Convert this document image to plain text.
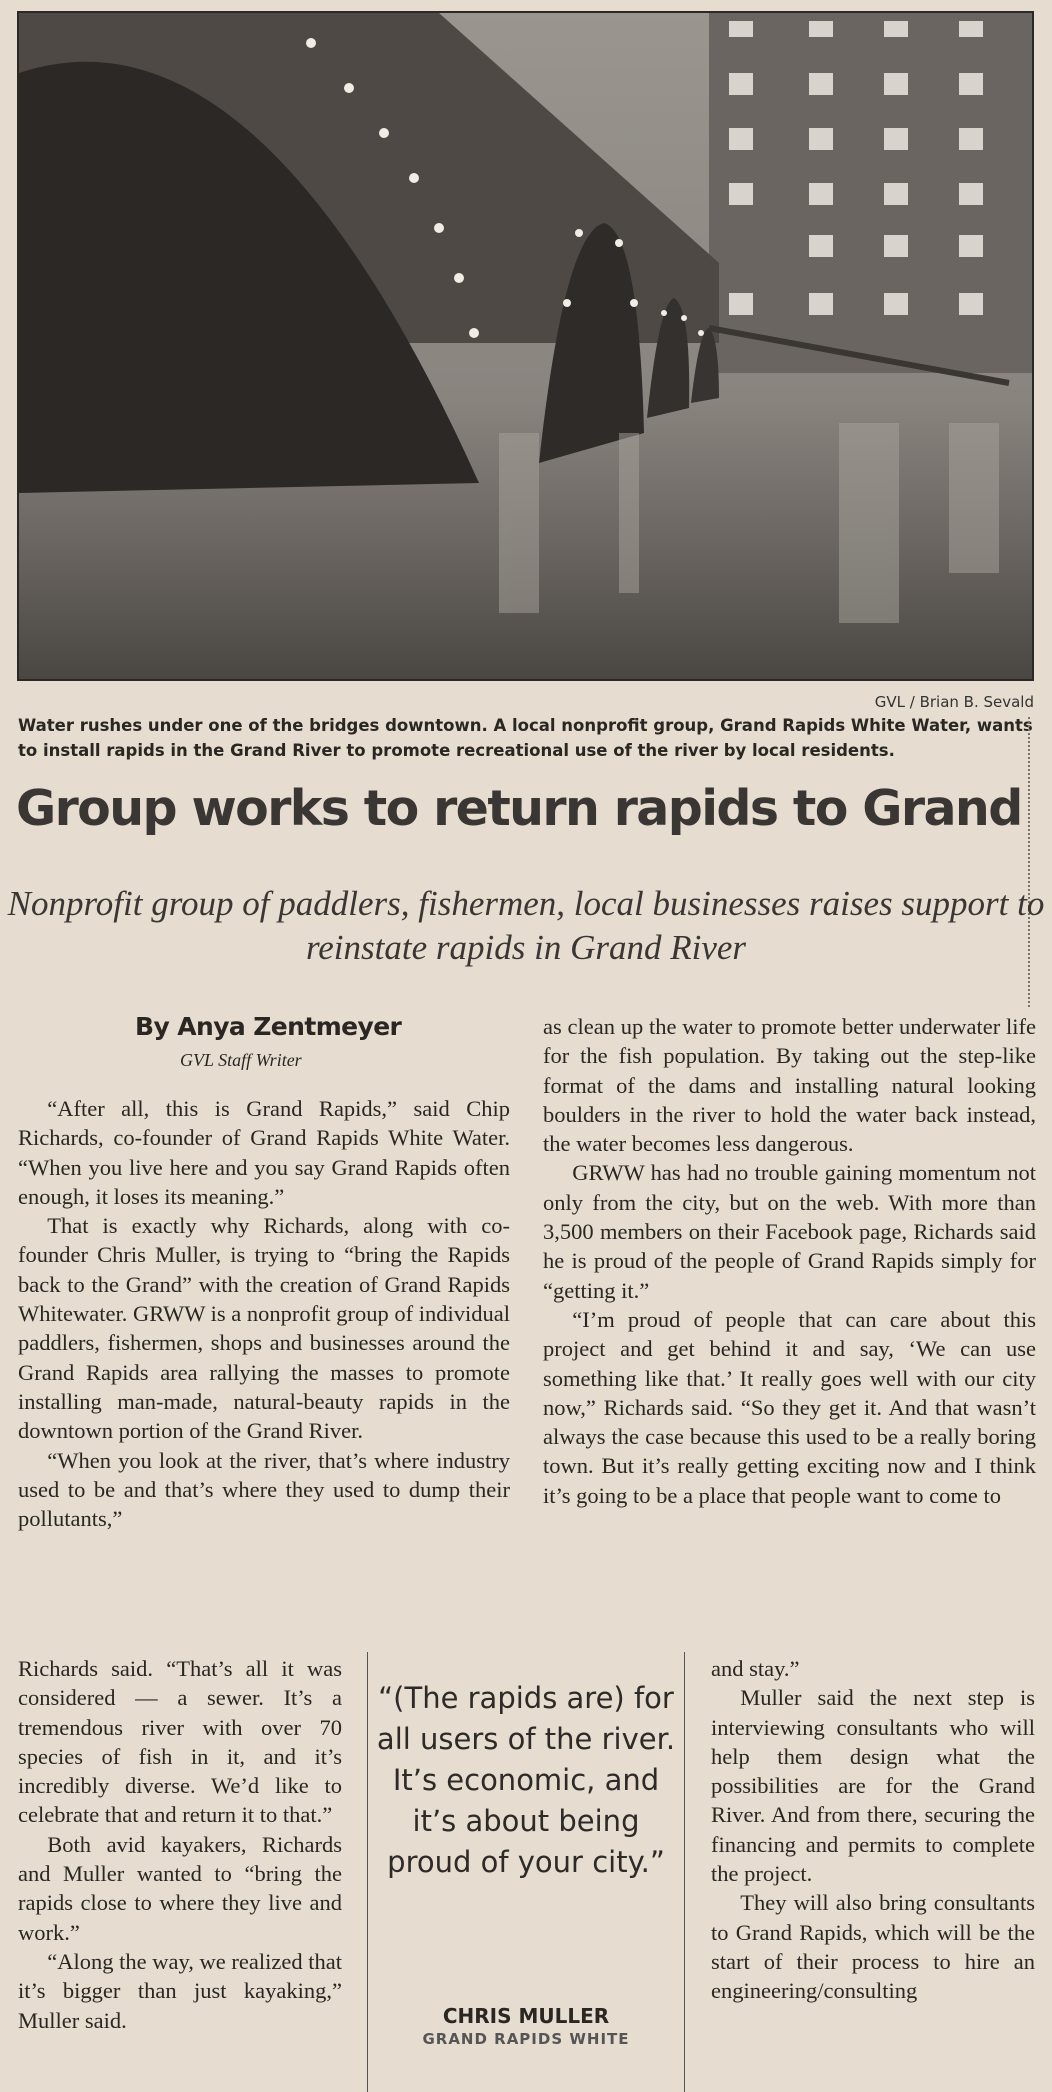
GVL / Brian B. Sevald
Water rushes under one of the bridges downtown. A local nonprofit group, Grand Rapids White Water, wants to install rapids in the Grand River to promote recreational use of the river by local residents.
Group works to return rapids to Grand
Nonprofit group of paddlers, fishermen, local businesses raises support to reinstate rapids in Grand River
By Anya Zentmeyer
GVL Staff Writer

“After all, this is Grand Rapids,” said Chip Richards, co-founder of Grand Rapids White Water. “When you live here and you say Grand Rapids often enough, it loses its meaning.”

That is exactly why Richards, along with co-founder Chris Muller, is trying to “bring the Rapids back to the Grand” with the creation of Grand Rapids Whitewater. GRWW is a nonprofit group of individual paddlers, fishermen, shops and businesses around the Grand Rapids area rallying the masses to promote installing man-made, natural-beauty rapids in the downtown portion of the Grand River.

“When you look at the river, that’s where industry used to be and that’s where they used to dump their pollutants,”

Richards said. “That’s all it was considered — a sewer. It’s a tremendous river with over 70 species of fish in it, and it’s incredibly diverse. We’d like to celebrate that and return it to that.”

Both avid kayakers, Richards and Muller wanted to “bring the rapids close to where they live and work.”

“Along the way, we realized that it’s bigger than just kayaking,” Muller said.

as clean up the water to promote better underwater life for the fish population. By taking out the step-like format of the dams and installing natural looking boulders in the river to hold the water back instead, the water becomes less dangerous.

GRWW has had no trouble gaining momentum not only from the city, but on the web. With more than 3,500 members on their Facebook page, Richards said he is proud of the people of Grand Rapids simply for “getting it.”

“I’m proud of people that can care about this project and get behind it and say, ‘We can use something like that.’ It really goes well with our city now,” Richards said. “So they get it. And that wasn’t always the case because this used to be a really boring town. But it’s really getting exciting now and I think it’s going to be a place that people want to come to

and stay.”

Muller said the next step is interviewing consultants who will help them design what the possibilities are for the Grand River. And from there, securing the financing and permits to complete the project.

They will also bring consultants to Grand Rapids, which will be the start of their process to hire an engineering/consulting

“(The rapids are) for all users of the river. It’s economic, and it’s about being proud of your city.”
CHRIS MULLER
GRAND RAPIDS WHITE
